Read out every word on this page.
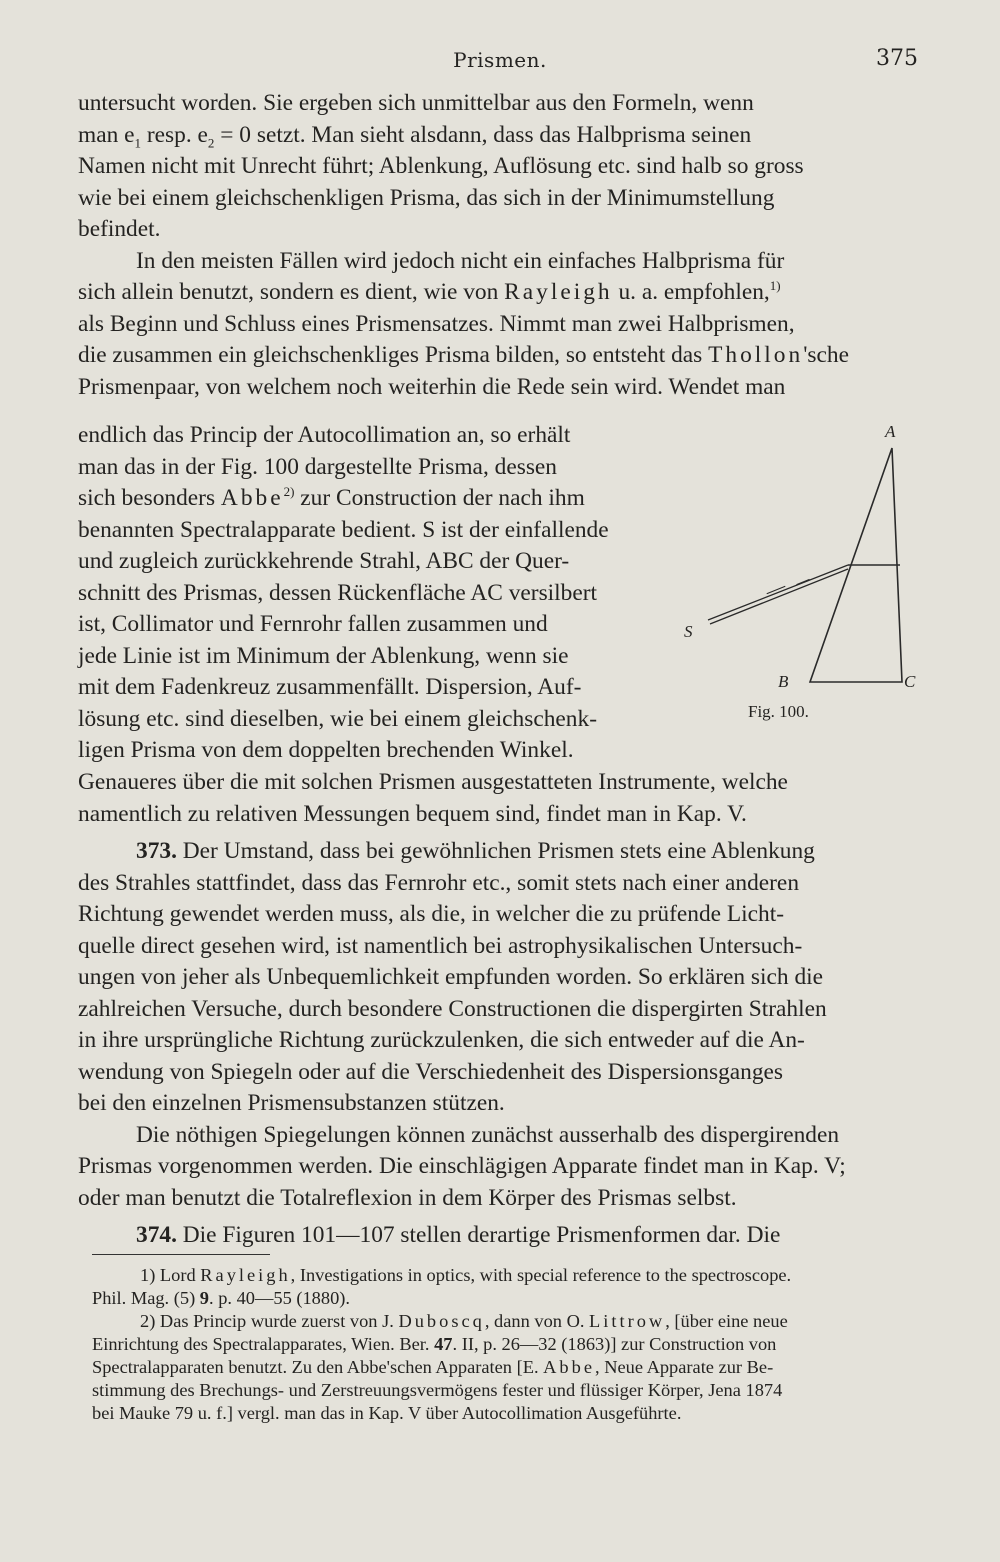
Prismen.	375
untersucht worden. Sie ergeben sich unmittelbar aus den Formeln, wenn
man $e_1$ resp. $e_2 = 0$ setzt. Man sieht alsdann, dass das Halbprisma seinen
Namen nicht mit Unrecht führt; Ablenkung, Auflösung etc. sind halb so gross
wie bei einem gleichschenkligen Prisma, das sich in der Minimumstellung
befindet.
In den meisten Fällen wird jedoch nicht ein einfaches Halbprisma für
sich allein benutzt, sondern es dient, wie von Rayleigh u. a. empfohlen,$^{1)}$
als Beginn und Schluss eines Prismensatzes. Nimmt man zwei Halbprismen,
die zusammen ein gleichschenkliges Prisma bilden, so entsteht das Thollon'sche
Prismenpaar, von welchem noch weiterhin die Rede sein wird. Wendet man
endlich das Princip der Autocollimation an, so erhält
man das in der Fig. 100 dargestellte Prisma, dessen
sich besonders Abbe$^{2)}$ zur Construction der nach ihm
benannten Spectralapparate bedient. S ist der einfallende
und zugleich zurückkehrende Strahl, ABC der Quer-
schnitt des Prismas, dessen Rückenfläche AC versilbert
ist, Collimator und Fernrohr fallen zusammen und
jede Linie ist im Minimum der Ablenkung, wenn sie
mit dem Fadenkreuz zusammenfällt. Dispersion, Auf-
lösung etc. sind dieselben, wie bei einem gleichschenk-
ligen Prisma von dem doppelten brechenden Winkel.
A
S
B	C
Fig. 100.
Genaueres über die mit solchen Prismen ausgestatteten Instrumente, welche
namentlich zu relativen Messungen bequem sind, findet man in Kap. V.
373. Der Umstand, dass bei gewöhnlichen Prismen stets eine Ablenkung
des Strahles stattfindet, dass das Fernrohr etc., somit stets nach einer anderen
Richtung gewendet werden muss, als die, in welcher die zu prüfende Licht-
quelle direct gesehen wird, ist namentlich bei astrophysikalischen Untersuch-
ungen von jeher als Unbequemlichkeit empfunden worden. So erklären sich die
zahlreichen Versuche, durch besondere Constructionen die dispergirten Strahlen
in ihre ursprüngliche Richtung zurückzulenken, die sich entweder auf die An-
wendung von Spiegeln oder auf die Verschiedenheit des Dispersionsganges
bei den einzelnen Prismensubstanzen stützen.
Die nöthigen Spiegelungen können zunächst ausserhalb des dispergirenden
Prismas vorgenommen werden. Die einschlägigen Apparate findet man in Kap. V;
oder man benutzt die Totalreflexion in dem Körper des Prismas selbst.
374. Die Figuren 101—107 stellen derartige Prismenformen dar. Die
1) Lord Rayleigh, Investigations in optics, with special reference to the spectroscope.
Phil. Mag. (5) 9. p. 40—55 (1880).
2) Das Princip wurde zuerst von J. Duboscq, dann von O. Littrow, [über eine neue
Einrichtung des Spectralapparates, Wien. Ber. 47. II, p. 26—32 (1863)] zur Construction von
Spectralapparaten benutzt. Zu den Abbe'schen Apparaten [E. Abbe, Neue Apparate zur Be-
stimmung des Brechungs- und Zerstreuungsvermögens fester und flüssiger Körper, Jena 1874
bei Mauke 79 u. f.] vergl. man das in Kap. V über Autocollimation Ausgeführte.
